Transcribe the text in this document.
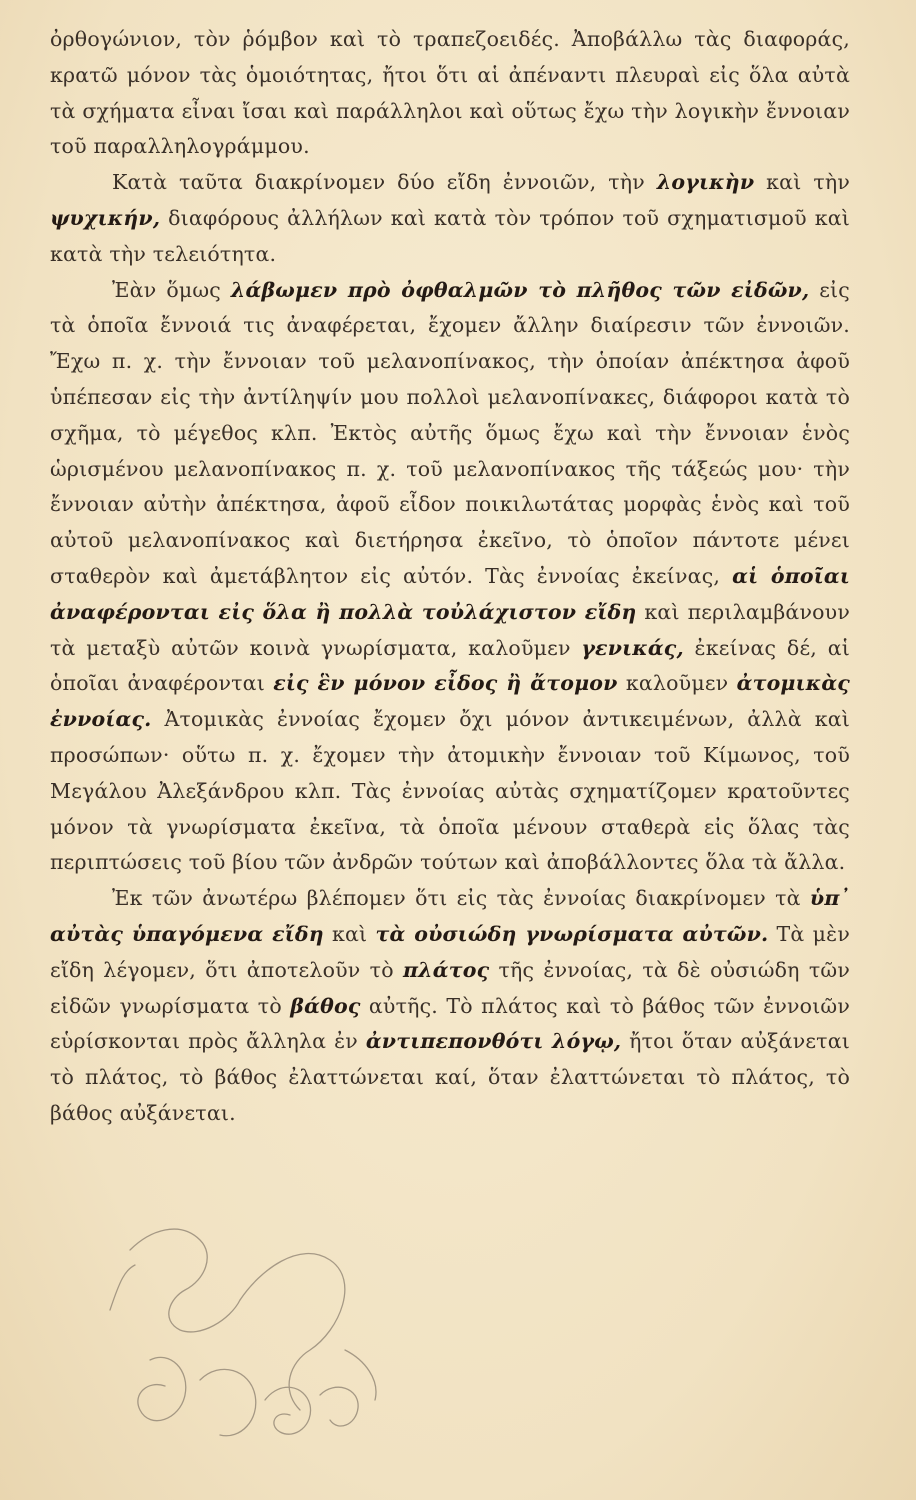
ὀρθογώνιον, τὸν ῥόμβον καὶ τὸ τραπεζοειδές. Ἀποβάλλω τὰς διαφοράς, κρατῶ μόνον τὰς ὁμοιότητας, ἤτοι ὅτι αἱ ἀπέναντι πλευραὶ εἰς ὅλα αὐτὰ τὰ σχήματα εἶναι ἴσαι καὶ παράλληλοι καὶ οὕτως ἔχω τὴν λογικὴν ἔννοιαν τοῦ παραλληλογράμμου.

Κατὰ ταῦτα διακρίνομεν δύο εἴδη ἐννοιῶν, τὴν λογικὴν καὶ τὴν ψυχικήν, διαφόρους ἀλλήλων καὶ κατὰ τὸν τρόπον τοῦ σχηματισμοῦ καὶ κατὰ τὴν τελειότητα.

Ἐὰν ὅμως λάβωμεν πρὸ ὀφθαλμῶν τὸ πλῆθος τῶν εἰδῶν, εἰς τὰ ὁποῖα ἔννοιά τις ἀναφέρεται, ἔχομεν ἄλλην διαίρεσιν τῶν ἐννοιῶν. Ἔχω π. χ. τὴν ἔννοιαν τοῦ μελανοπίνακος, τὴν ὁποίαν ἀπέκτησα ἀφοῦ ὑπέπεσαν εἰς τὴν ἀντίληψίν μου πολλοὶ μελανοπίνακες, διάφοροι κατὰ τὸ σχῆμα, τὸ μέγεθος κλπ. Ἐκτὸς αὐτῆς ὅμως ἔχω καὶ τὴν ἔννοιαν ἑνὸς ὡρισμένου μελανοπίνακος π. χ. τοῦ μελανοπίνακος τῆς τάξεώς μου· τὴν ἔννοιαν αὐτὴν ἀπέκτησα, ἀφοῦ εἶδον ποικιλωτάτας μορφὰς ἑνὸς καὶ τοῦ αὐτοῦ μελανοπίνακος καὶ διετήρησα ἐκεῖνο, τὸ ὁποῖον πάντοτε μένει σταθερὸν καὶ ἀμετάβλητον εἰς αὐτόν. Τὰς ἐννοίας ἐκείνας, αἱ ὁποῖαι ἀναφέρονται εἰς ὅλα ἢ πολλὰ τοὐλάχιστον εἴδη καὶ περιλαμβάνουν τὰ μεταξὺ αὐτῶν κοινὰ γνωρίσματα, καλοῦμεν γενικάς, ἐκείνας δέ, αἱ ὁποῖαι ἀναφέρονται εἰς ἓν μόνον εἶδος ἢ ἄτομον καλοῦμεν ἀτομικὰς ἐννοίας. Ἀτομικὰς ἐννοίας ἔχομεν ὄχι μόνον ἀντικειμένων, ἀλλὰ καὶ προσώπων· οὕτω π. χ. ἔχομεν τὴν ἀτομικὴν ἔννοιαν τοῦ Κίμωνος, τοῦ Μεγάλου Ἀλεξάνδρου κλπ. Τὰς ἐννοίας αὐτὰς σχηματίζομεν κρατοῦντες μόνον τὰ γνωρίσματα ἐκεῖνα, τὰ ὁποῖα μένουν σταθερὰ εἰς ὅλας τὰς περιπτώσεις τοῦ βίου τῶν ἀνδρῶν τούτων καὶ ἀποβάλλοντες ὅλα τὰ ἄλλα.

Ἐκ τῶν ἀνωτέρω βλέπομεν ὅτι εἰς τὰς ἐννοίας διακρίνομεν τὰ ὑπ᾿ αὐτὰς ὑπαγόμενα εἴδη καὶ τὰ οὐσιώδη γνωρίσματα αὐτῶν. Τὰ μὲν εἴδη λέγομεν, ὅτι ἀποτελοῦν τὸ πλάτος τῆς ἐννοίας, τὰ δὲ οὐσιώδη τῶν εἰδῶν γνωρίσματα τὸ βάθος αὐτῆς. Τὸ πλάτος καὶ τὸ βάθος τῶν ἐννοιῶν εὑρίσκονται πρὸς ἄλληλα ἐν ἀντιπεπονθότι λόγῳ, ἤτοι ὅταν αὐξάνεται τὸ πλάτος, τὸ βάθος ἐλαττώνεται καί, ὅταν ἐλαττώνεται τὸ πλάτος, τὸ βάθος αὐξάνεται.
